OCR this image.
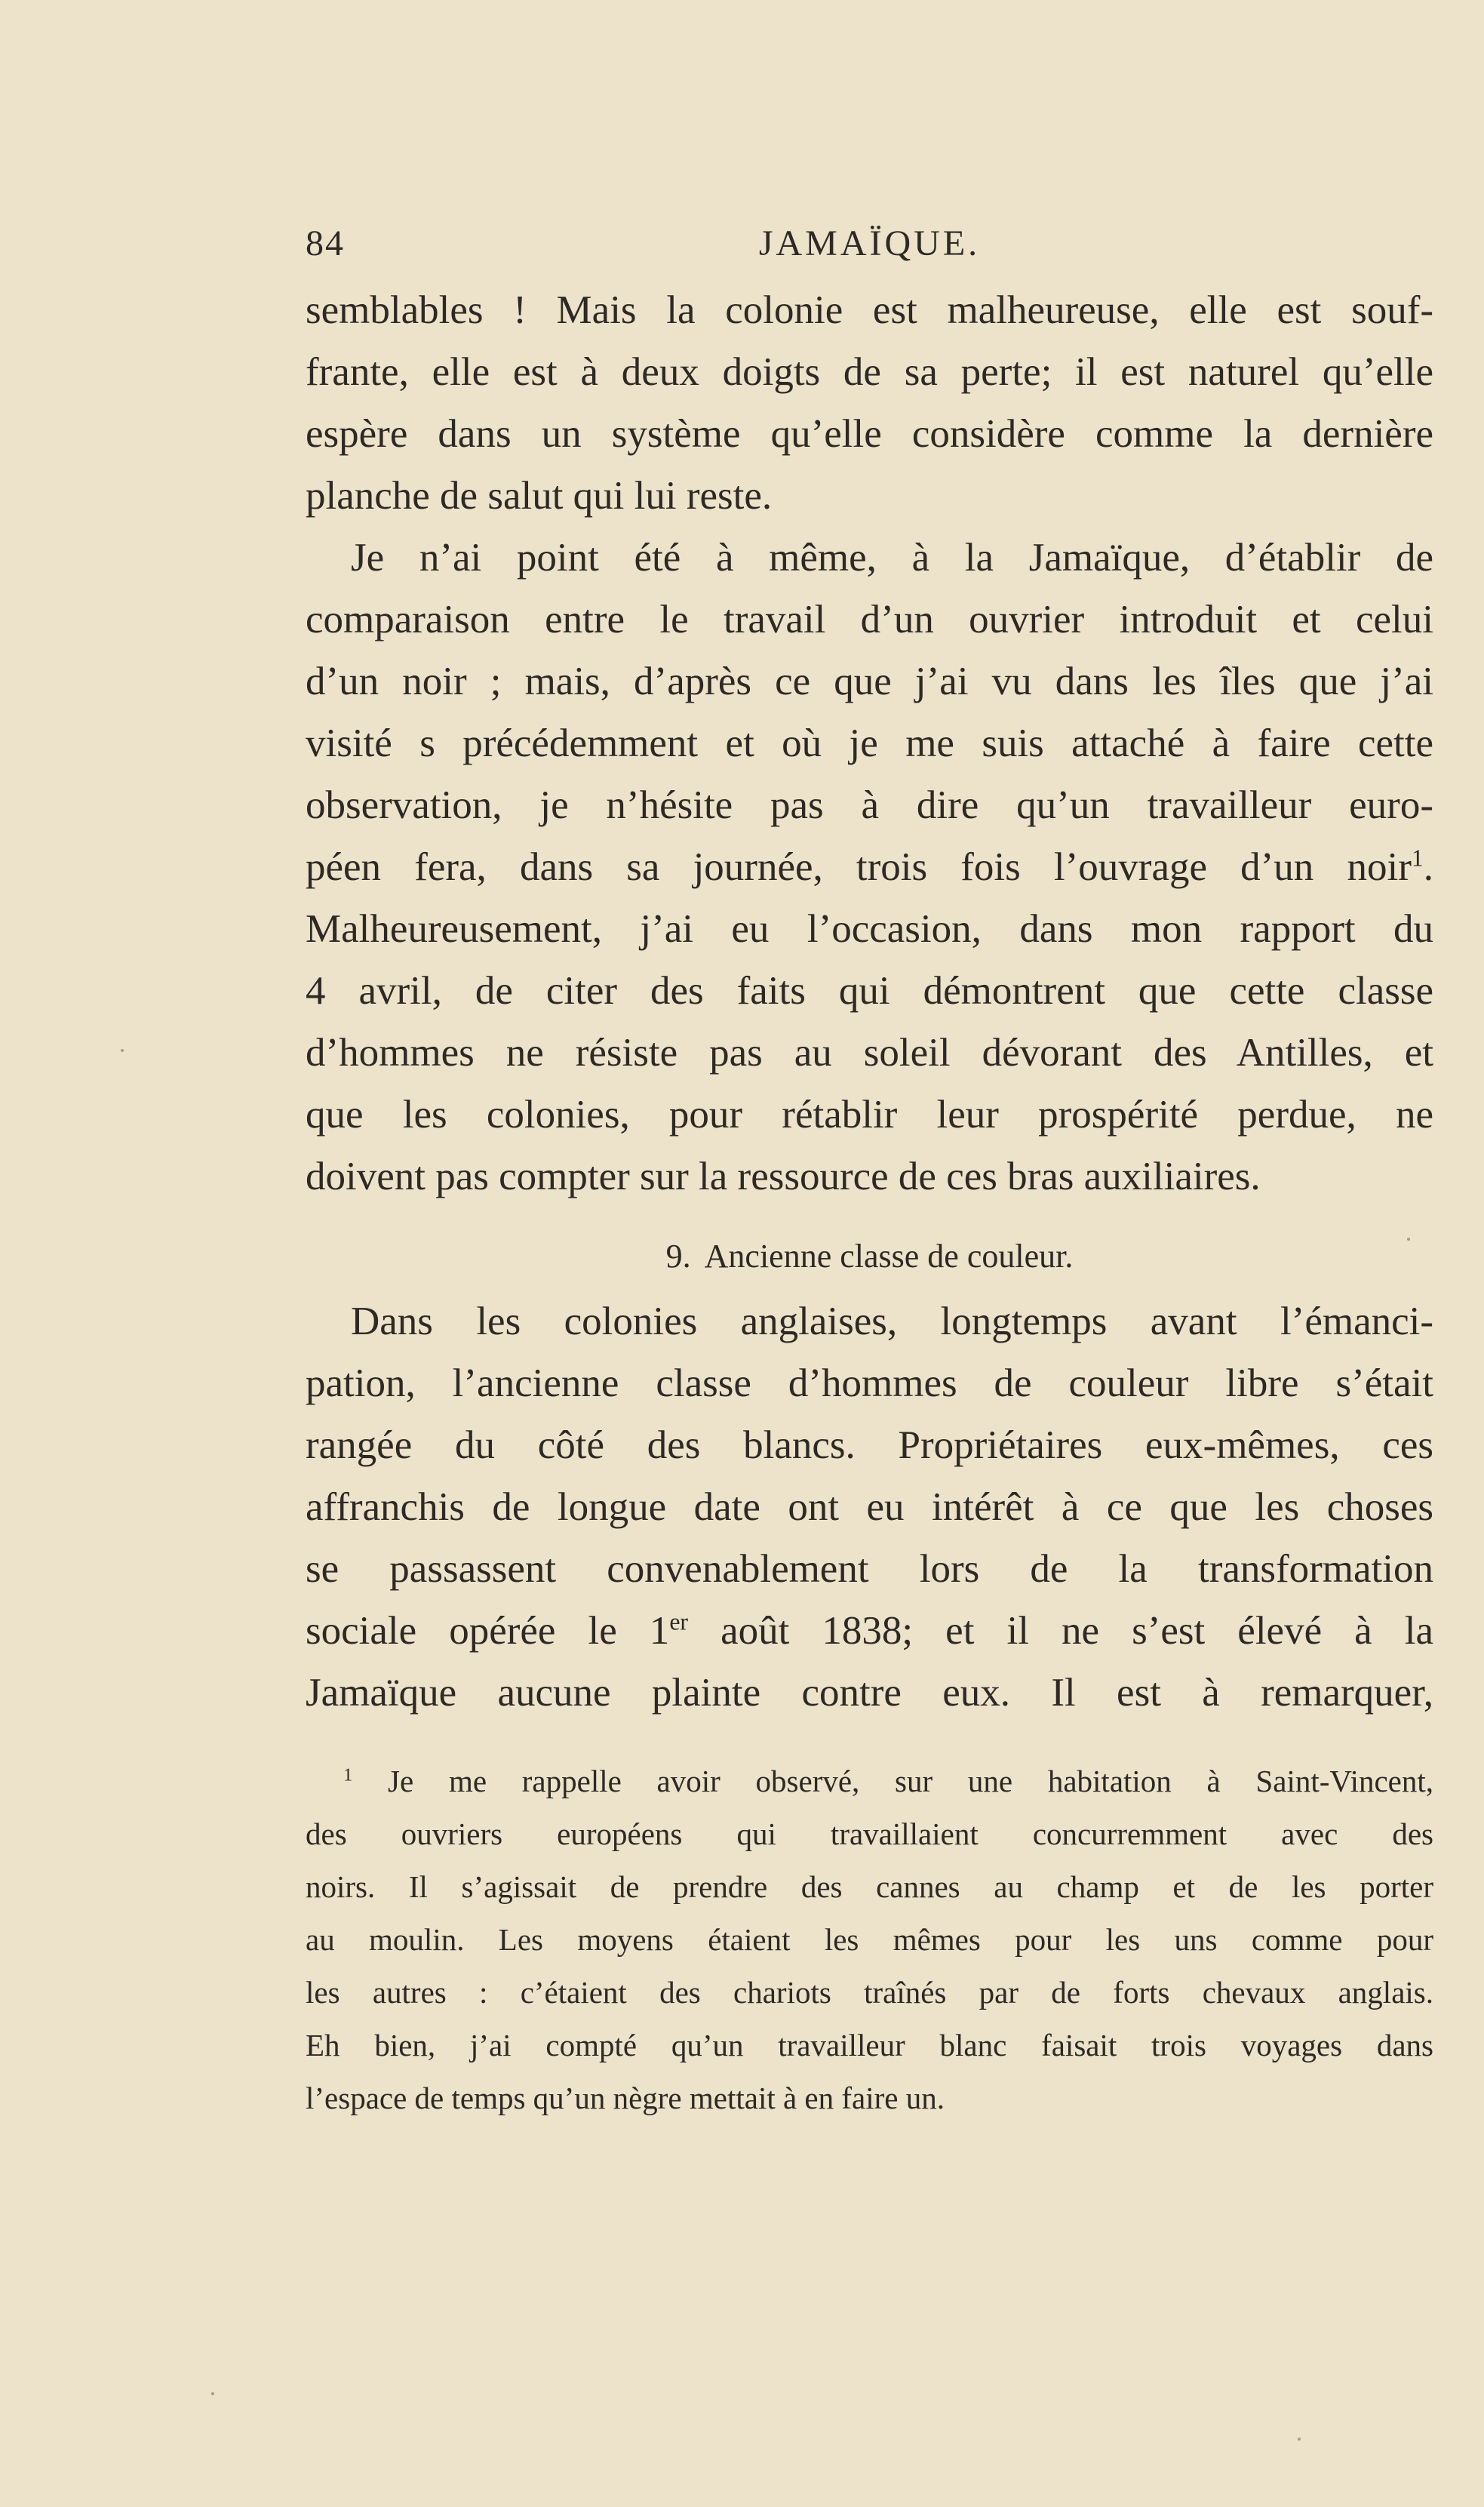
84	JAMAÏQUE.
semblables ! Mais la colonie est malheureuse, elle est souf-
frante, elle est à deux doigts de sa perte; il est naturel qu’elle
espère dans un système qu’elle considère comme la dernière
planche de salut qui lui reste.
Je n’ai point été à même, à la Jamaïque, d’établir de
comparaison entre le travail d’un ouvrier introduit et celui
d’un noir ; mais, d’après ce que j’ai vu dans les îles que j’ai
visité s précédemment et où je me suis attaché à faire cette
observation, je n’hésite pas à dire qu’un travailleur euro-
péen fera, dans sa journée, trois fois l’ouvrage d’un noir$^1$.
Malheureusement, j’ai eu l’occasion, dans mon rapport du
4 avril, de citer des faits qui démontrent que cette classe
d’hommes ne résiste pas au soleil dévorant des Antilles, et
que les colonies, pour rétablir leur prospérité perdue, ne
doivent pas compter sur la ressource de ces bras auxiliaires.
9. Ancienne classe de couleur.
Dans les colonies anglaises, longtemps avant l’émanci-
pation, l’ancienne classe d’hommes de couleur libre s’était
rangée du côté des blancs. Propriétaires eux-mêmes, ces
affranchis de longue date ont eu intérêt à ce que les choses
se passassent convenablement lors de la transformation
sociale opérée le 1er août 1838; et il ne s’est élevé à la
Jamaïque aucune plainte contre eux. Il est à remarquer,
$^1$ Je me rappelle avoir observé, sur une habitation à Saint-Vincent,
des ouvriers européens qui travaillaient concurremment avec des
noirs. Il s’agissait de prendre des cannes au champ et de les porter
au moulin. Les moyens étaient les mêmes pour les uns comme pour
les autres : c’étaient des chariots traînés par de forts chevaux anglais.
Eh bien, j’ai compté qu’un travailleur blanc faisait trois voyages dans
l’espace de temps qu’un nègre mettait à en faire un.
